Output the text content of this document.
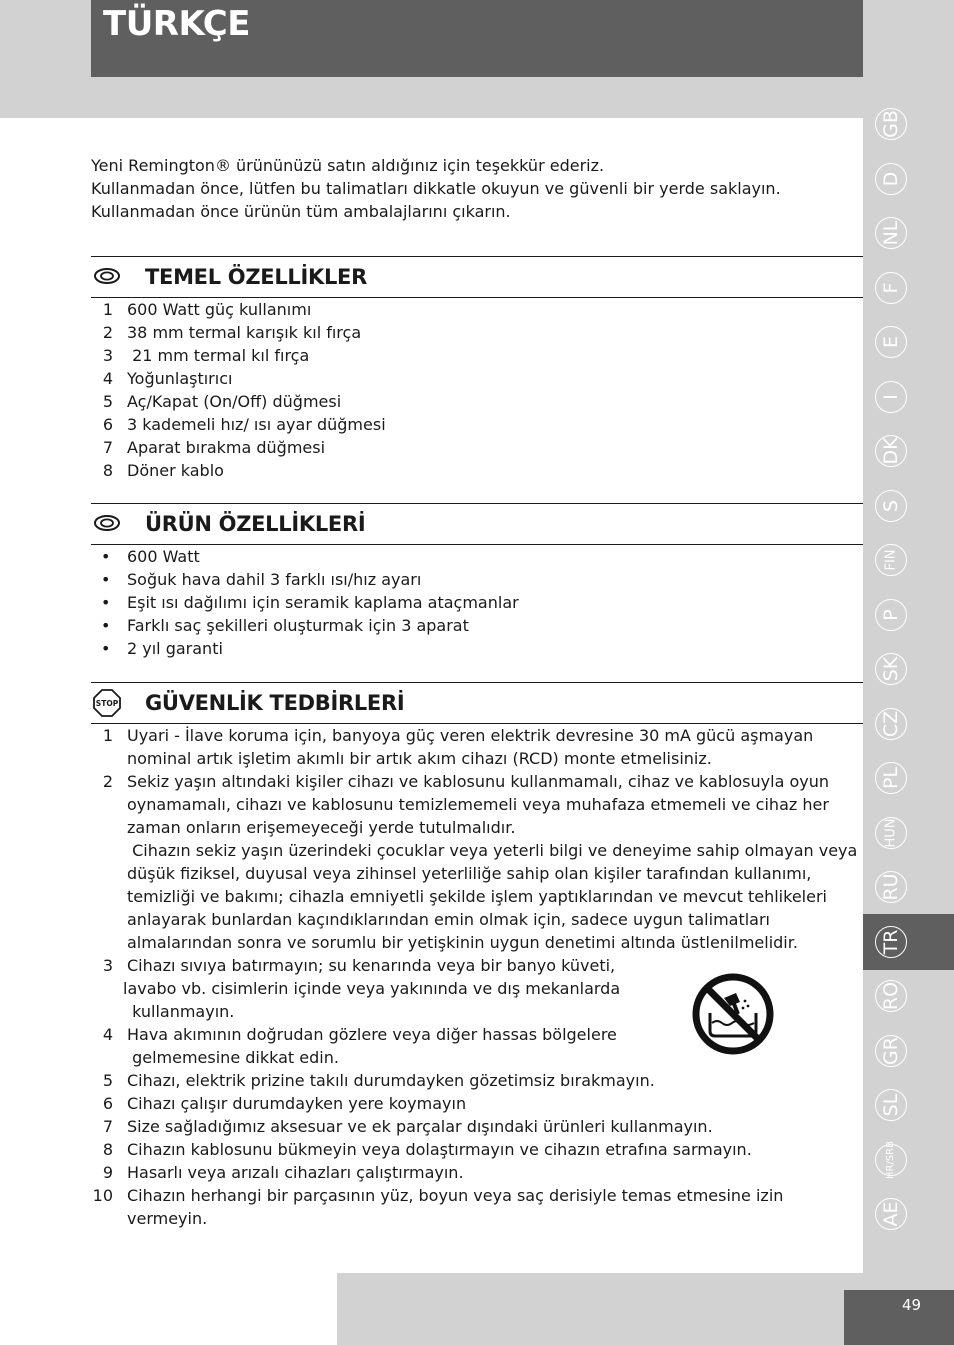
TÜRKÇE
Yeni Remington® ürününüzü satın aldığınız için teşekkür ederiz.
Kullanmadan önce, lütfen bu talimatları dikkatle okuyun ve güvenli bir yerde saklayın.
Kullanmadan önce ürünün tüm ambalajlarını çıkarın.
TEMEL ÖZELLİKLER
1 600 Watt güç kullanımı
2 38 mm termal karışık kıl fırça
3 21 mm termal kıl fırça
4 Yoğunlaştırıcı
5 Aç/Kapat (On/Off) düğmesi
6 3 kademeli hız/ ısı ayar düğmesi
7 Aparat bırakma düğmesi
8 Döner kablo
ÜRÜN ÖZELLİKLERİ
• 600 Watt
• Soğuk hava dahil 3 farklı ısı/hız ayarı
• Eşit ısı dağılımı için seramik kaplama ataçmanlar
• Farklı saç şekilleri oluşturmak için 3 aparat
• 2 yıl garanti
STOP GÜVENLİK TEDBİRLERİ
1 Uyari - İlave koruma için, banyoya güç veren elektrik devresine 30 mA gücü aşmayan
nominal artık işletim akımlı bir artık akım cihazı (RCD) monte etmelisiniz.
2 Sekiz yaşın altındaki kişiler cihazı ve kablosunu kullanmamalı, cihaz ve kablosuyla oyun
oynamamalı, cihazı ve kablosunu temizlememeli veya muhafaza etmemeli ve cihaz her
zaman onların erişemeyeceği yerde tutulmalıdır.
Cihazın sekiz yaşın üzerindeki çocuklar veya yeterli bilgi ve deneyime sahip olmayan veya
düşük fiziksel, duyusal veya zihinsel yeterliliğe sahip olan kişiler tarafından kullanımı,
temizliği ve bakımı; cihazla emniyetli şekilde işlem yaptıklarından ve mevcut tehlikeleri
anlayarak bunlardan kaçındıklarından emin olmak için, sadece uygun talimatları
almalarından sonra ve sorumlu bir yetişkinin uygun denetimi altında üstlenilmelidir.
3 Cihazı sıvıya batırmayın; su kenarında veya bir banyo küveti,
lavabo vb. cisimlerin içinde veya yakınında ve dış mekanlarda
kullanmayın.
4 Hava akımının doğrudan gözlere veya diğer hassas bölgelere
gelmemesine dikkat edin.
5 Cihazı, elektrik prizine takılı durumdayken gözetimsiz bırakmayın.
6 Cihazı çalışır durumdayken yere koymayın
7 Size sağladığımız aksesuar ve ek parçalar dışındaki ürünleri kullanmayın.
8 Cihazın kablosunu bükmeyin veya dolaştırmayın ve cihazın etrafına sarmayın.
9 Hasarlı veya arızalı cihazları çalıştırmayın.
10 Cihazın herhangi bir parçasının yüz, boyun veya saç derisiyle temas etmesine izin
vermeyin.
GB
D
NL
F
E
I
DK
S
FIN
P
SK
CZ
PL
HUN
RU
TR
RO
GR
SL
HR/SRB
AE
49
